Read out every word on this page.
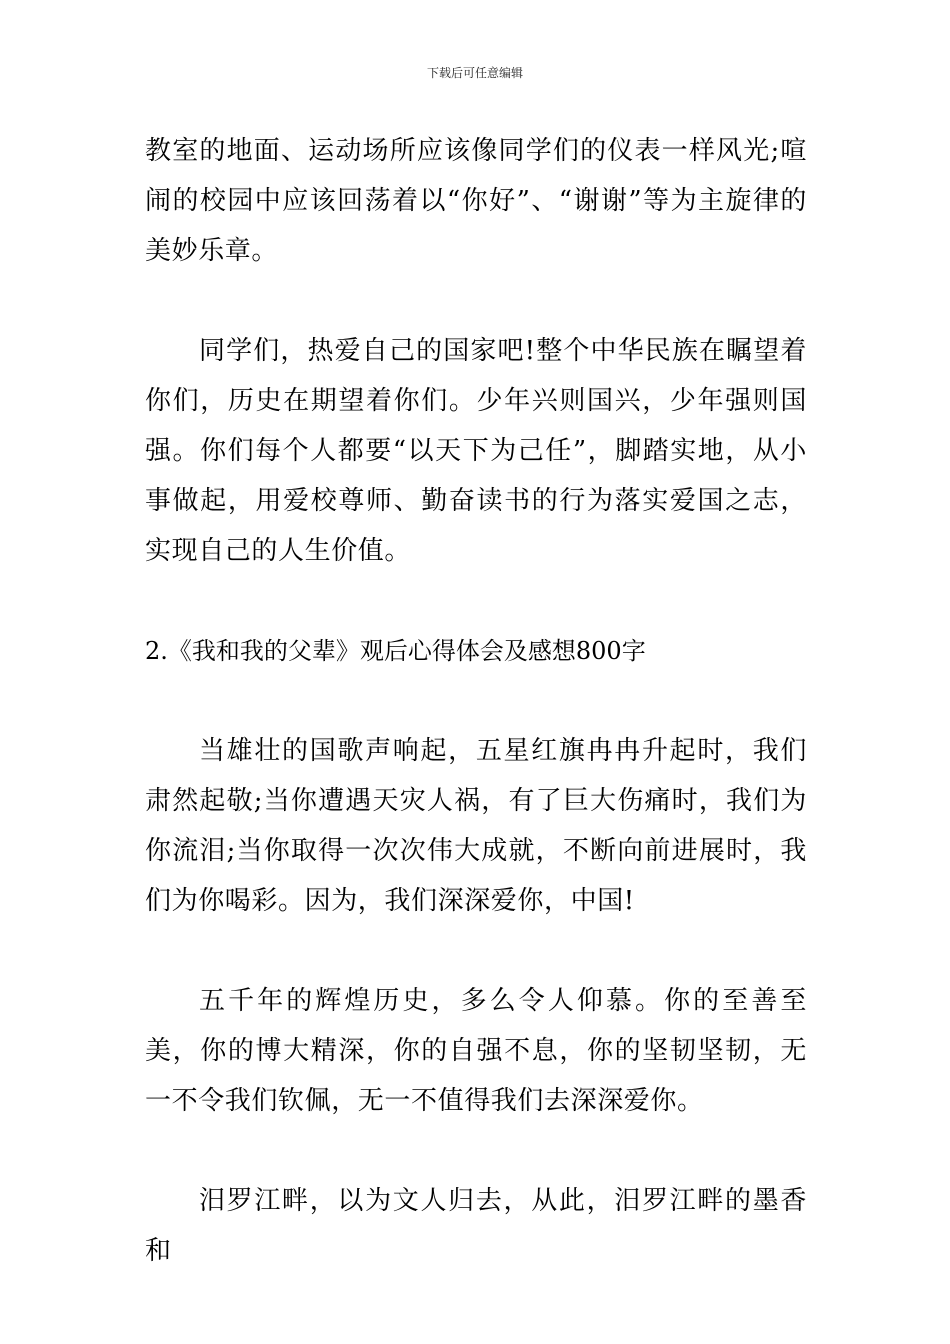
下载后可任意编辑

教室的地面、运动场所应该像同学们的仪表一样风光;喧闹的校园中应该回荡着以“你好”、“谢谢”等为主旋律的美妙乐章。

同学们，热爱自己的国家吧!整个中华民族在瞩望着你们，历史在期望着你们。少年兴则国兴，少年强则国强。你们每个人都要“以天下为己任”，脚踏实地，从小事做起，用爱校尊师、勤奋读书的行为落实爱国之志，实现自己的人生价值。

2.《我和我的父辈》观后心得体会及感想800字

当雄壮的国歌声响起，五星红旗冉冉升起时，我们肃然起敬;当你遭遇天灾人祸，有了巨大伤痛时，我们为你流泪;当你取得一次次伟大成就，不断向前进展时，我们为你喝彩。因为，我们深深爱你，中国!

五千年的辉煌历史，多么令人仰慕。你的至善至美，你的博大精深，你的自强不息，你的坚韧坚韧，无一不令我们钦佩，无一不值得我们去深深爱你。

汨罗江畔，以为文人归去，从此，汨罗江畔的墨香和
